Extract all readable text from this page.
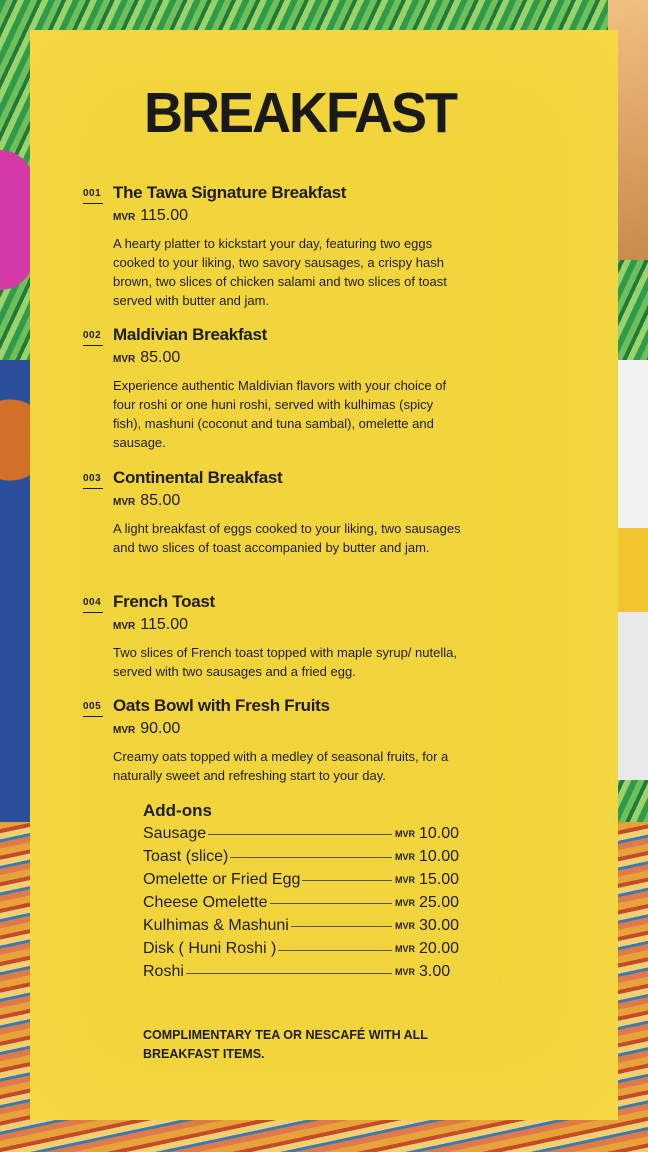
BREAKFAST
001 The Tawa Signature Breakfast
MVR 115.00
A hearty platter to kickstart your day, featuring two eggs cooked to your liking, two savory sausages, a crispy hash brown, two slices of chicken salami and two slices of toast served with butter and jam.
002 Maldivian Breakfast
MVR 85.00
Experience authentic Maldivian flavors with your choice of four roshi or one huni roshi, served with kulhimas (spicy fish), mashuni (coconut and tuna sambal), omelette and sausage.
003 Continental Breakfast
MVR 85.00
A light breakfast of eggs cooked to your liking, two sausages and two slices of toast accompanied by butter and jam.
004 French Toast
MVR 115.00
Two slices of French toast topped with maple syrup/ nutella, served with two sausages and a fried egg.
005 Oats Bowl with Fresh Fruits
MVR 90.00
Creamy oats topped with a medley of seasonal fruits, for a naturally sweet and refreshing start to your day.
Add-ons
Sausage	MVR 10.00
Toast (slice)	MVR 10.00
Omelette or Fried Egg	MVR 15.00
Cheese Omelette	MVR 25.00
Kulhimas & Mashuni	MVR 30.00
Disk ( Huni Roshi )	MVR 20.00
Roshi	MVR 3.00
COMPLIMENTARY TEA OR NESCAFÉ WITH ALL BREAKFAST ITEMS.
